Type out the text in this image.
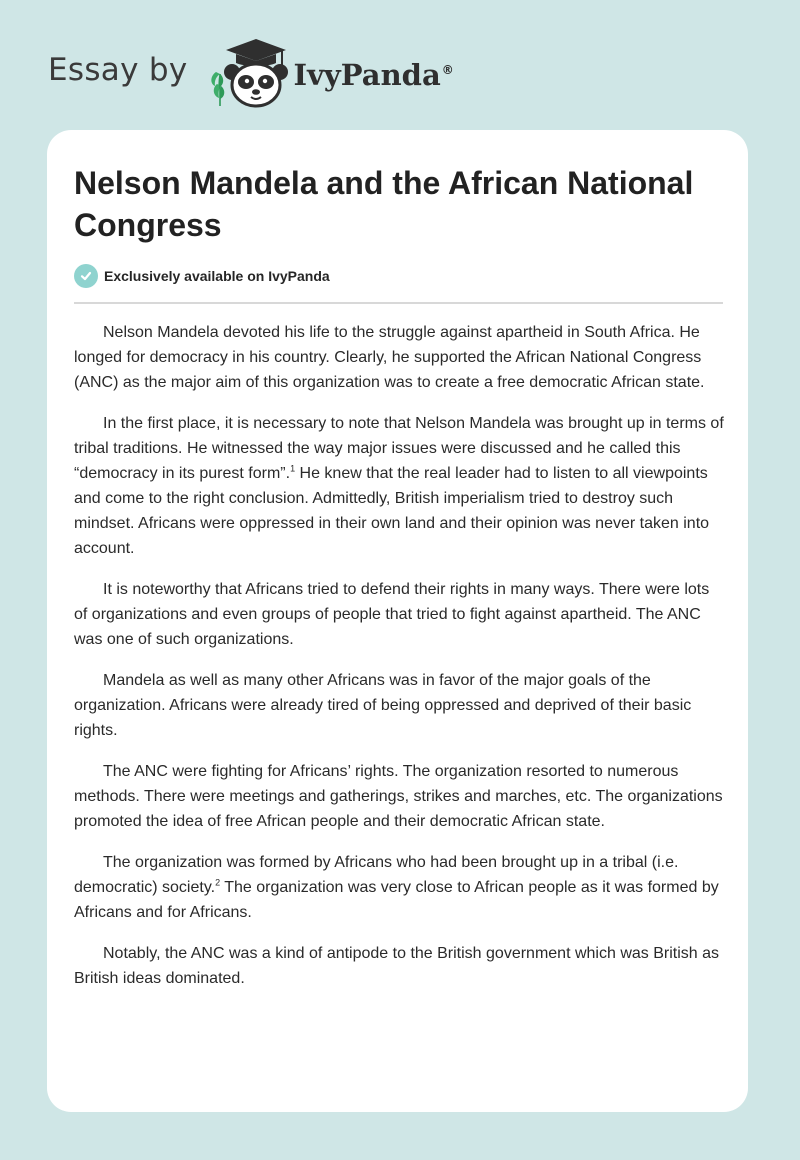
Essay by	IvyPanda®
Nelson Mandela and the African National Congress
Exclusively available on IvyPanda

Nelson Mandela devoted his life to the struggle against apartheid in South Africa. He longed for democracy in his country. Clearly, he supported the African National Congress (ANC) as the major aim of this organization was to create a free democratic African state.

In the first place, it is necessary to note that Nelson Mandela was brought up in terms of tribal traditions. He witnessed the way major issues were discussed and he called this “democracy in its purest form”.$^1$ He knew that the real leader had to listen to all viewpoints and come to the right conclusion. Admittedly, British imperialism tried to destroy such mindset. Africans were oppressed in their own land and their opinion was never taken into account.

It is noteworthy that Africans tried to defend their rights in many ways. There were lots of organizations and even groups of people that tried to fight against apartheid. The ANC was one of such organizations.

Mandela as well as many other Africans was in favor of the major goals of the organization. Africans were already tired of being oppressed and deprived of their basic rights.

The ANC were fighting for Africans’ rights. The organization resorted to numerous methods. There were meetings and gatherings, strikes and marches, etc. The organizations promoted the idea of free African people and their democratic African state.

The organization was formed by Africans who had been brought up in a tribal (i.e. democratic) society.$^2$ The organization was very close to African people as it was formed by Africans and for Africans.

Notably, the ANC was a kind of antipode to the British government which was British as British ideas dominated.
